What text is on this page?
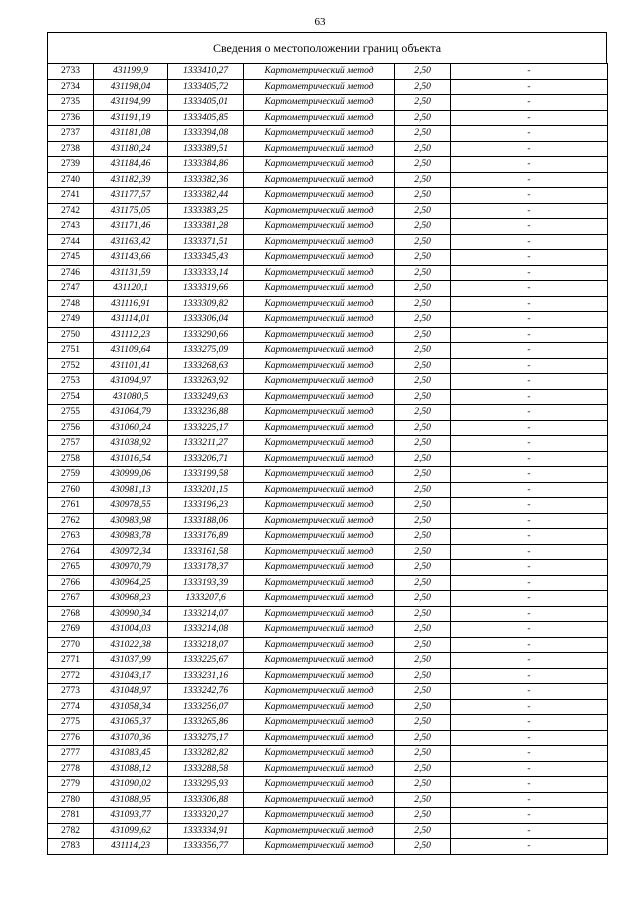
63
Сведения о местоположении границ объекта
2733	431199,9	1333410,27	Картометрический метод	2,50	-
2734	431198,04	1333405,72	Картометрический метод	2,50	-
2735	431194,99	1333405,01	Картометрический метод	2,50	-
2736	431191,19	1333405,85	Картометрический метод	2,50	-
2737	431181,08	1333394,08	Картометрический метод	2,50	-
2738	431180,24	1333389,51	Картометрический метод	2,50	-
2739	431184,46	1333384,86	Картометрический метод	2,50	-
2740	431182,39	1333382,36	Картометрический метод	2,50	-
2741	431177,57	1333382,44	Картометрический метод	2,50	-
2742	431175,05	1333383,25	Картометрический метод	2,50	-
2743	431171,46	1333381,28	Картометрический метод	2,50	-
2744	431163,42	1333371,51	Картометрический метод	2,50	-
2745	431143,66	1333345,43	Картометрический метод	2,50	-
2746	431131,59	1333333,14	Картометрический метод	2,50	-
2747	431120,1	1333319,66	Картометрический метод	2,50	-
2748	431116,91	1333309,82	Картометрический метод	2,50	-
2749	431114,01	1333306,04	Картометрический метод	2,50	-
2750	431112,23	1333290,66	Картометрический метод	2,50	-
2751	431109,64	1333275,09	Картометрический метод	2,50	-
2752	431101,41	1333268,63	Картометрический метод	2,50	-
2753	431094,97	1333263,92	Картометрический метод	2,50	-
2754	431080,5	1333249,63	Картометрический метод	2,50	-
2755	431064,79	1333236,88	Картометрический метод	2,50	-
2756	431060,24	1333225,17	Картометрический метод	2,50	-
2757	431038,92	1333211,27	Картометрический метод	2,50	-
2758	431016,54	1333206,71	Картометрический метод	2,50	-
2759	430999,06	1333199,58	Картометрический метод	2,50	-
2760	430981,13	1333201,15	Картометрический метод	2,50	-
2761	430978,55	1333196,23	Картометрический метод	2,50	-
2762	430983,98	1333188,06	Картометрический метод	2,50	-
2763	430983,78	1333176,89	Картометрический метод	2,50	-
2764	430972,34	1333161,58	Картометрический метод	2,50	-
2765	430970,79	1333178,37	Картометрический метод	2,50	-
2766	430964,25	1333193,39	Картометрический метод	2,50	-
2767	430968,23	1333207,6	Картометрический метод	2,50	-
2768	430990,34	1333214,07	Картометрический метод	2,50	-
2769	431004,03	1333214,08	Картометрический метод	2,50	-
2770	431022,38	1333218,07	Картометрический метод	2,50	-
2771	431037,99	1333225,67	Картометрический метод	2,50	-
2772	431043,17	1333231,16	Картометрический метод	2,50	-
2773	431048,97	1333242,76	Картометрический метод	2,50	-
2774	431058,34	1333256,07	Картометрический метод	2,50	-
2775	431065,37	1333265,86	Картометрический метод	2,50	-
2776	431070,36	1333275,17	Картометрический метод	2,50	-
2777	431083,45	1333282,82	Картометрический метод	2,50	-
2778	431088,12	1333288,58	Картометрический метод	2,50	-
2779	431090,02	1333295,93	Картометрический метод	2,50	-
2780	431088,95	1333306,88	Картометрический метод	2,50	-
2781	431093,77	1333320,27	Картометрический метод	2,50	-
2782	431099,62	1333334,91	Картометрический метод	2,50	-
2783	431114,23	1333356,77	Картометрический метод	2,50	-
